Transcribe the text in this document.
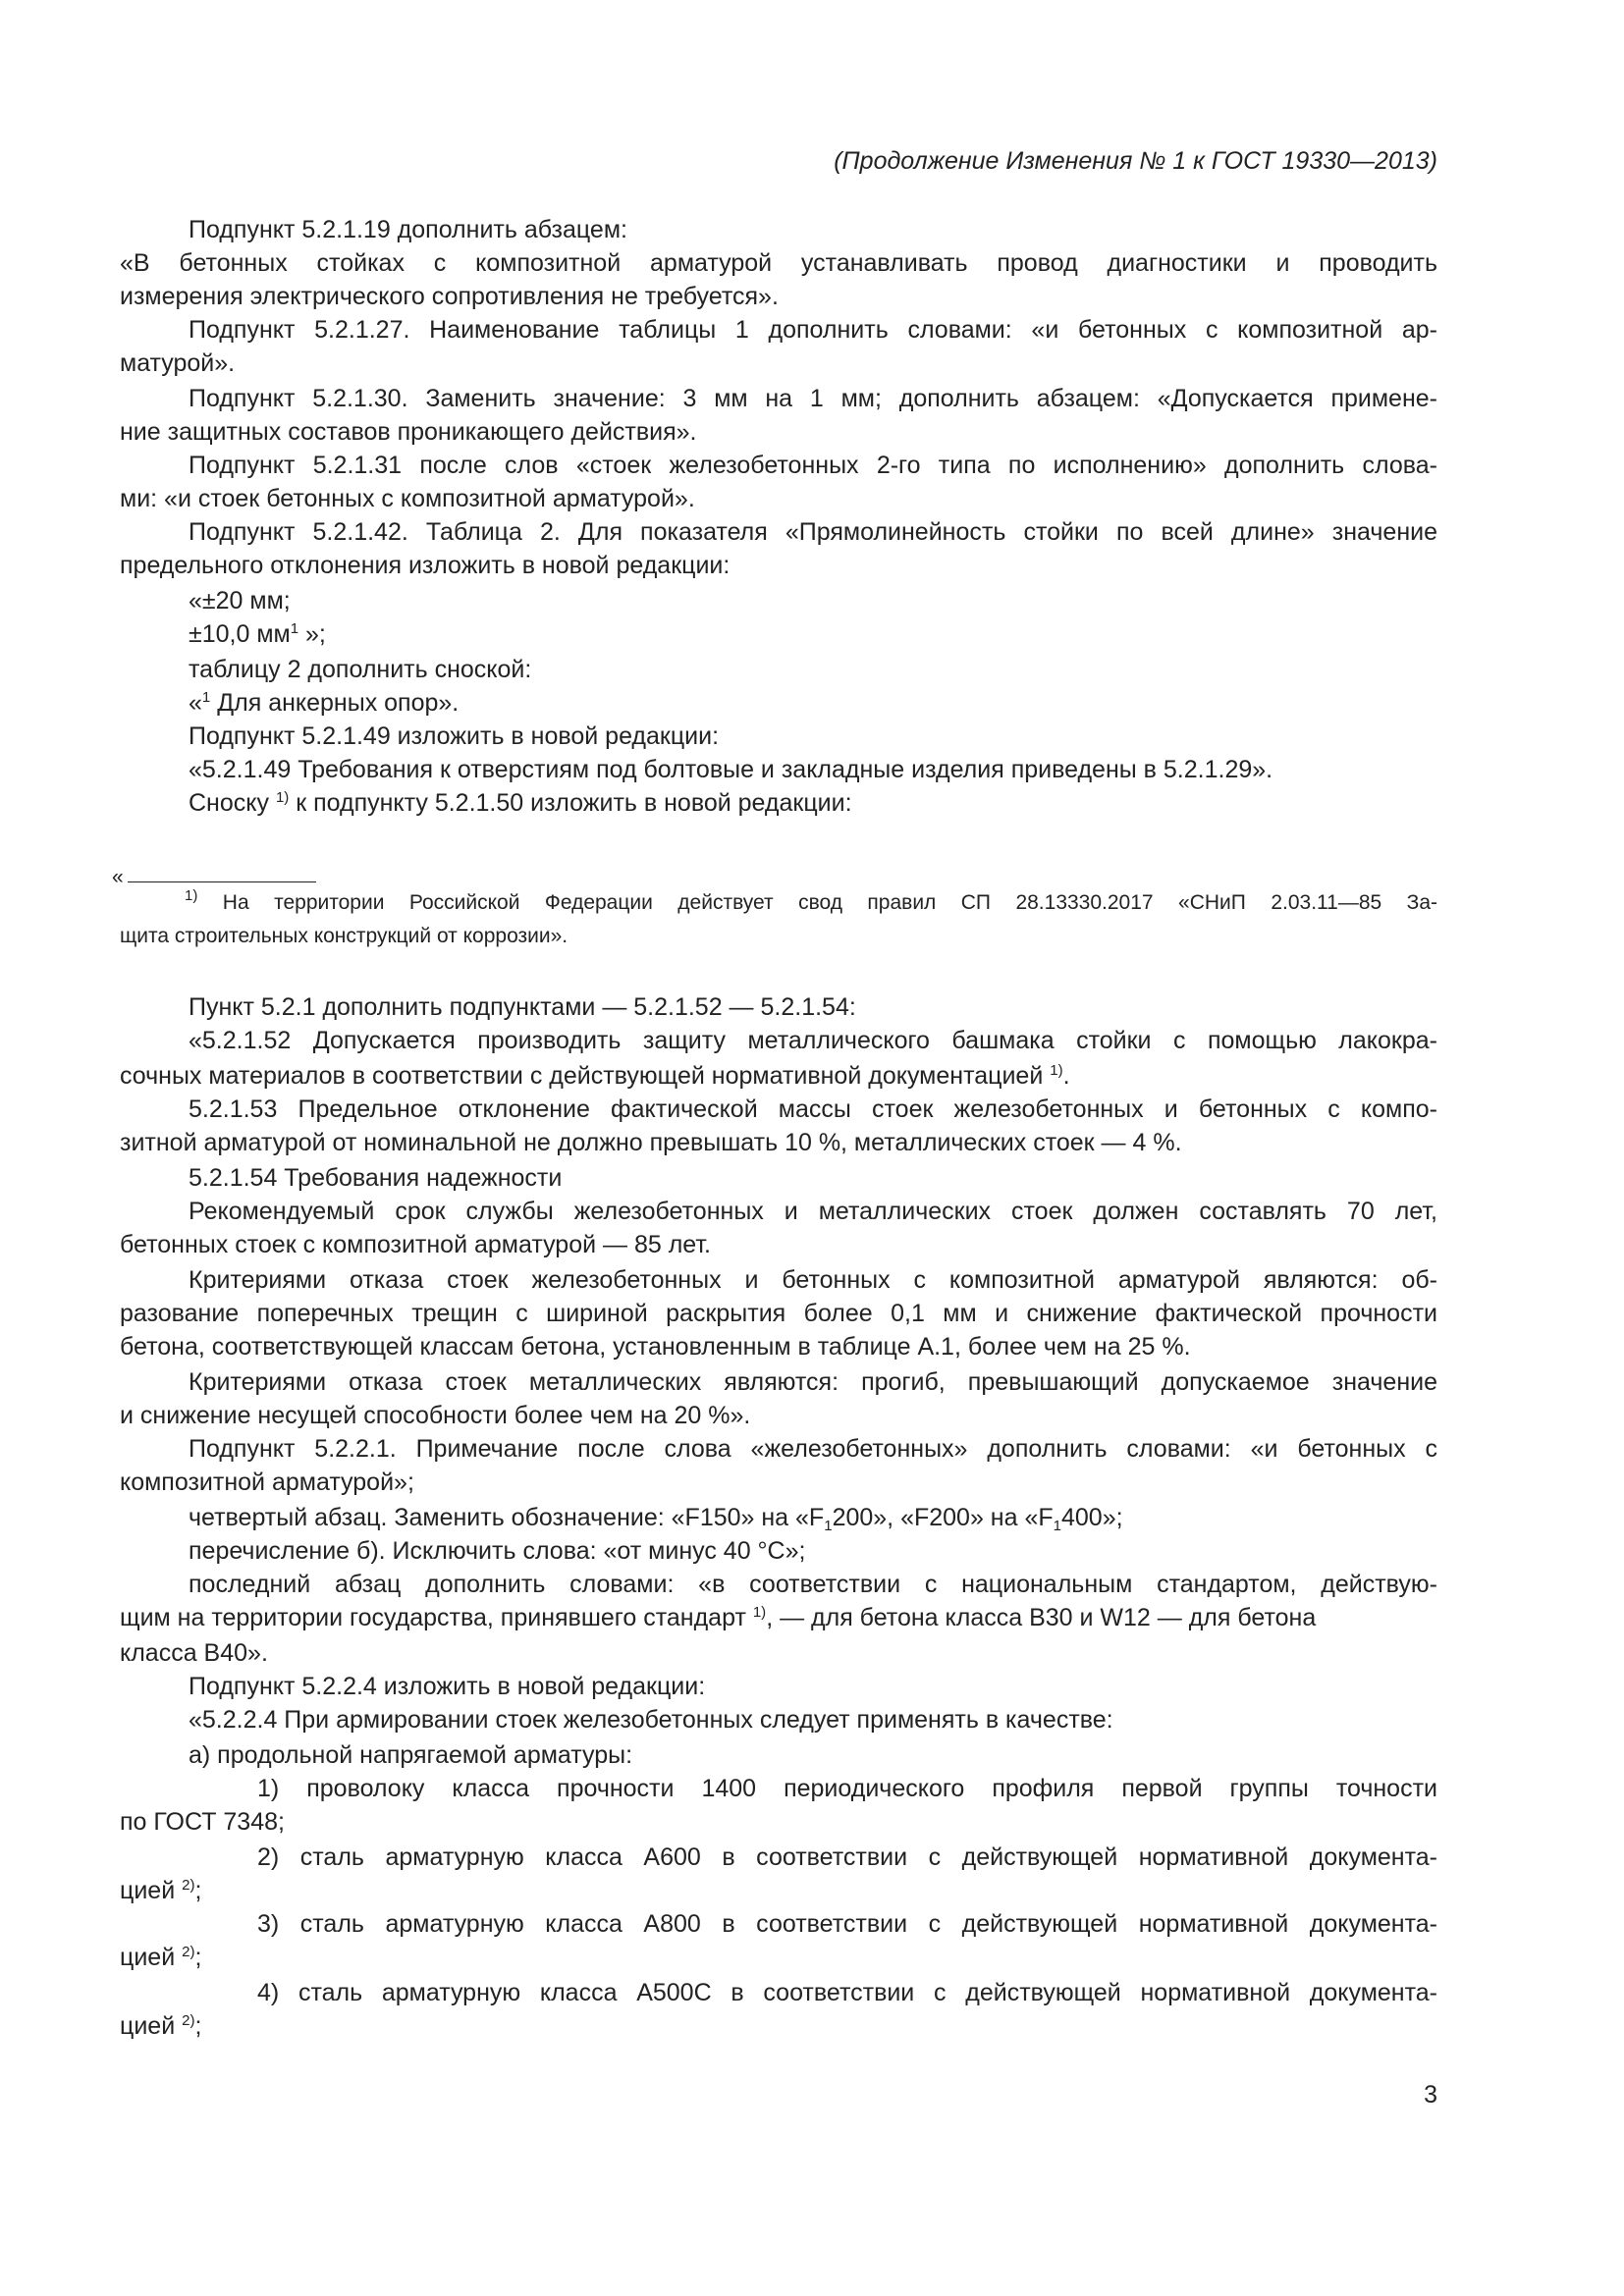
(Продолжение Изменения № 1 к ГОСТ 19330—2013)

Подпункт 5.2.1.19 дополнить абзацем:

«В бетонных стойках с композитной арматурой устанавливать провод диагностики и проводить

измерения электрического сопротивления не требуется».

Подпункт 5.2.1.27. Наименование таблицы 1 дополнить словами: «и бетонных с композитной ар-

матурой».

Подпункт 5.2.1.30. Заменить значение: 3 мм на 1 мм; дополнить абзацем: «Допускается примене-

ние защитных составов проникающего действия».

Подпункт 5.2.1.31 после слов «стоек железобетонных 2-го типа по исполнению» дополнить слова-

ми: «и стоек бетонных с композитной арматурой».

Подпункт 5.2.1.42. Таблица 2. Для показателя «Прямолинейность стойки по всей длине» значение

предельного отклонения изложить в новой редакции:

«±20 мм;

±10,0 $мм^1$ »;

таблицу 2 дополнить сноской:

«$^1$ Для анкерных опор».

Подпункт 5.2.1.49 изложить в новой редакции:

«5.2.1.49 Требования к отверстиям под болтовые и закладные изделия приведены в 5.2.1.29».

Сноску $^{1)}$ к подпункту 5.2.1.50 изложить в новой редакции:

«

$^{1)}$ На территории Российской Федерации действует свод правил СП 28.13330.2017 «СНиП 2.03.11—85 За-

щита строительных конструкций от коррозии».

Пункт 5.2.1 дополнить подпунктами — 5.2.1.52 — 5.2.1.54:

«5.2.1.52 Допускается производить защиту металлического башмака стойки с помощью лакокра-

сочных материалов в соответствии с действующей нормативной документацией $^{1)}$.

5.2.1.53 Предельное отклонение фактической массы стоек железобетонных и бетонных с компо-

зитной арматурой от номинальной не должно превышать 10 %, металлических стоек — 4 %.

5.2.1.54 Требования надежности

Рекомендуемый срок службы железобетонных и металлических стоек должен составлять 70 лет,

бетонных стоек с композитной арматурой — 85 лет.

Критериями отказа стоек железобетонных и бетонных с композитной арматурой являются: об-

разование поперечных трещин с шириной раскрытия более 0,1 мм и снижение фактической прочности

бетона, соответствующей классам бетона, установленным в таблице А.1, более чем на 25 %.

Критериями отказа стоек металлических являются: прогиб, превышающий допускаемое значение

и снижение несущей способности более чем на 20 %».

Подпункт 5.2.2.1. Примечание после слова «железобетонных» дополнить словами: «и бетонных с

композитной арматурой»;

четвертый абзац. Заменить обозначение: «F150» на «$F_1200$», «F200» на «$F_1400$»;

перечисление б). Исключить слова: «от минус 40 °С»;

последний абзац дополнить словами: «в соответствии с национальным стандартом, действую-

щим на территории государства, принявшего стандарт $^{1)}$, — для бетона класса В30 и W12 — для бетона

класса В40».

Подпункт 5.2.2.4 изложить в новой редакции:

«5.2.2.4 При армировании стоек железобетонных следует применять в качестве:

а) продольной напрягаемой арматуры:

1) проволоку класса прочности 1400 периодического профиля первой группы точности

по ГОСТ 7348;

2) сталь арматурную класса А600 в соответствии с действующей нормативной документа-

цией $^{2)}$;

3) сталь арматурную класса А800 в соответствии с действующей нормативной документа-

цией $^{2)}$;

4) сталь арматурную класса А500С в соответствии с действующей нормативной документа-

цией $^{2)}$;

3
